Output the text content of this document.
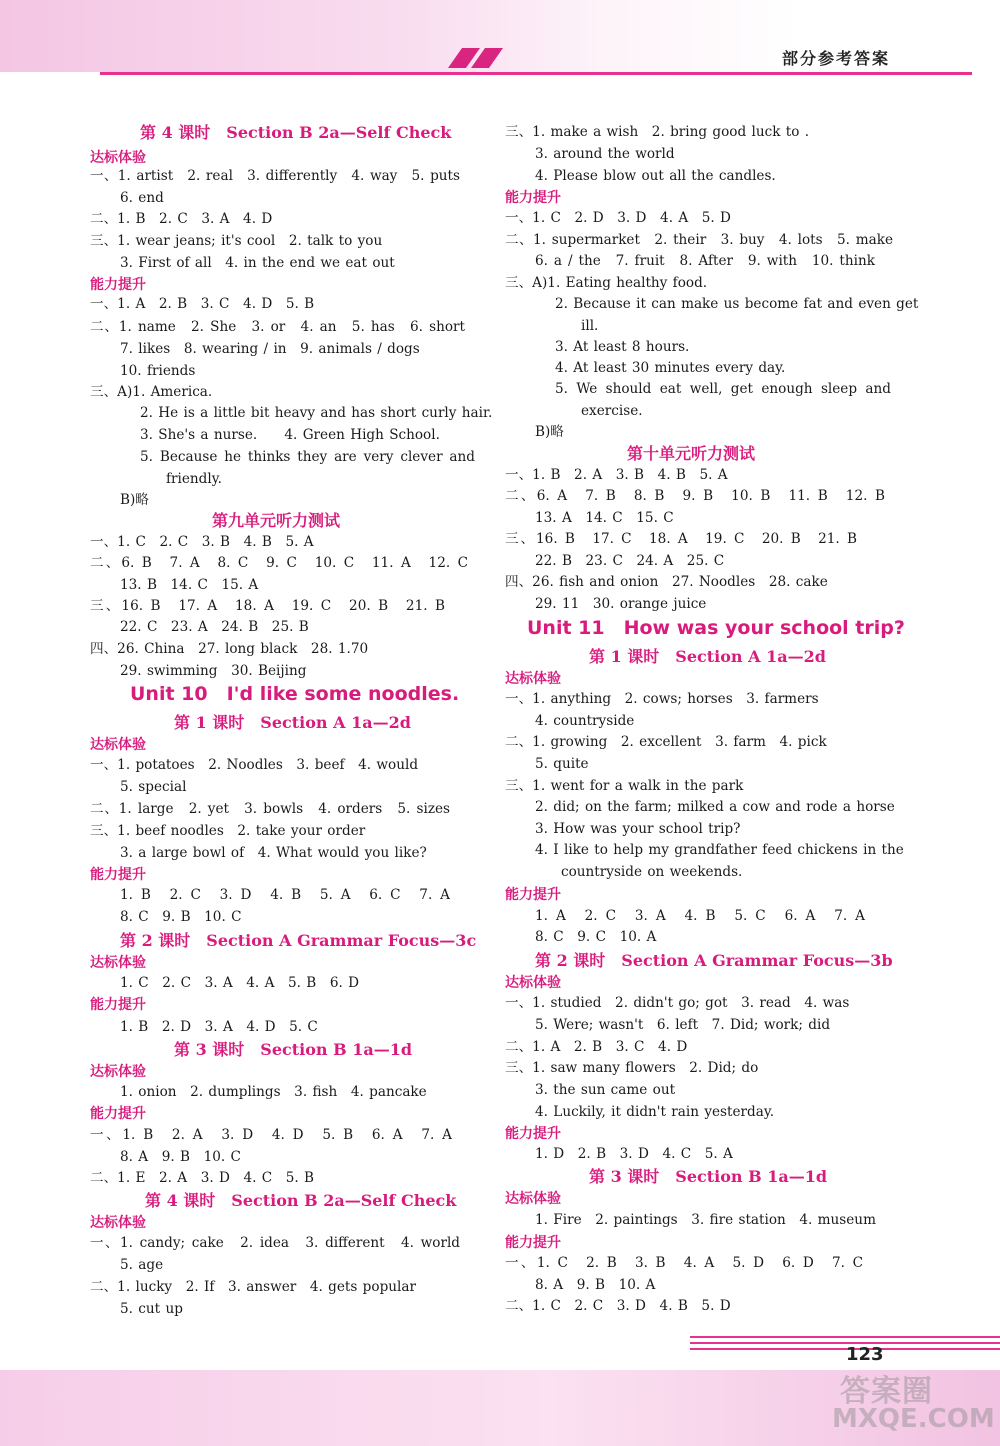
部分参考答案
第 4 课时　Section B 2a—Self Check
达标体验
一、1. artist　2. real　3. differently　4. way　5. puts
6. end
二、1. B　2. C　3. A　4. D
三、1. wear jeans; it's cool　2. talk to you
3. First of all　4. in the end we eat out
能力提升
一、1. A　2. B　3. C　4. D　5. B
二、1. name　2. She　3. or　4. an　5. has　6. short
7. likes　8. wearing / in　9. animals / dogs
10. friends
三、A)1. America.
2. He is a little bit heavy and has short curly hair.
3. She's a nurse.　　4. Green High School.
5. Because he thinks they are very clever and
friendly.
B)略
第九单元听力测试
一、1. C　2. C　3. B　4. B　5. A
二、6. B　7. A　8. C　9. C　10. C　11. A　12. C
13. B　14. C　15. A
三、16. B　17. A　18. A　19. C　20. B　21. B
22. C　23. A　24. B　25. B
四、26. China　27. long black　28. 1.70
29. swimming　30. Beijing
Unit 10　I'd like some noodles.
第 1 课时　Section A 1a—2d
达标体验
一、1. potatoes　2. Noodles　3. beef　4. would
5. special
二、1. large　2. yet　3. bowls　4. orders　5. sizes
三、1. beef noodles　2. take your order
3. a large bowl of　4. What would you like?
能力提升
1. B　2. C　3. D　4. B　5. A　6. C　7. A
8. C　9. B　10. C
第 2 课时　Section A Grammar Focus—3c
达标体验
1. C　2. C　3. A　4. A　5. B　6. D
能力提升
1. B　2. D　3. A　4. D　5. C
第 3 课时　Section B 1a—1d
达标体验
1. onion　2. dumplings　3. fish　4. pancake
能力提升
一、1. B　2. A　3. D　4. D　5. B　6. A　7. A
8. A　9. B　10. C
二、1. E　2. A　3. D　4. C　5. B
第 4 课时　Section B 2a—Self Check
达标体验
一、1. candy; cake　2. idea　3. different　4. world
5. age
二、1. lucky　2. If　3. answer　4. gets popular
5. cut up
三、1. make a wish　2. bring good luck to .
3. around the world
4. Please blow out all the candles.
能力提升
一、1. C　2. D　3. D　4. A　5. D
二、1. supermarket　2. their　3. buy　4. lots　5. make
6. a / the　7. fruit　8. After　9. with　10. think
三、A)1. Eating healthy food.
2. Because it can make us become fat and even get
ill.
3. At least 8 hours.
4. At least 30 minutes every day.
5. We should eat well, get enough sleep and
exercise.
B)略
第十单元听力测试
一、1. B　2. A　3. B　4. B　5. A
二、6. A　7. B　8. B　9. B　10. B　11. B　12. B
13. A　14. C　15. C
三、16. B　17. C　18. A　19. C　20. B　21. B
22. B　23. C　24. A　25. C
四、26. fish and onion　27. Noodles　28. cake
29. 11　30. orange juice
Unit 11　How was your school trip?
第 1 课时　Section A 1a—2d
达标体验
一、1. anything　2. cows; horses　3. farmers
4. countryside
二、1. growing　2. excellent　3. farm　4. pick
5. quite
三、1. went for a walk in the park
2. did; on the farm; milked a cow and rode a horse
3. How was your school trip?
4. I like to help my grandfather feed chickens in the
countryside on weekends.
能力提升
1. A　2. C　3. A　4. B　5. C　6. A　7. A
8. C　9. C　10. A
第 2 课时　Section A Grammar Focus—3b
达标体验
一、1. studied　2. didn't go; got　3. read　4. was
5. Were; wasn't　6. left　7. Did; work; did
二、1. A　2. B　3. C　4. D
三、1. saw many flowers　2. Did; do
3. the sun came out
4. Luckily, it didn't rain yesterday.
能力提升
1. D　2. B　3. D　4. C　5. A
第 3 课时　Section B 1a—1d
达标体验
1. Fire　2. paintings　3. fire station　4. museum
能力提升
一、1. C　2. B　3. B　4. A　5. D　6. D　7. C
8. A　9. B　10. A
二、1. C　2. C　3. D　4. B　5. D
123
答案圈
MXQE.COM
